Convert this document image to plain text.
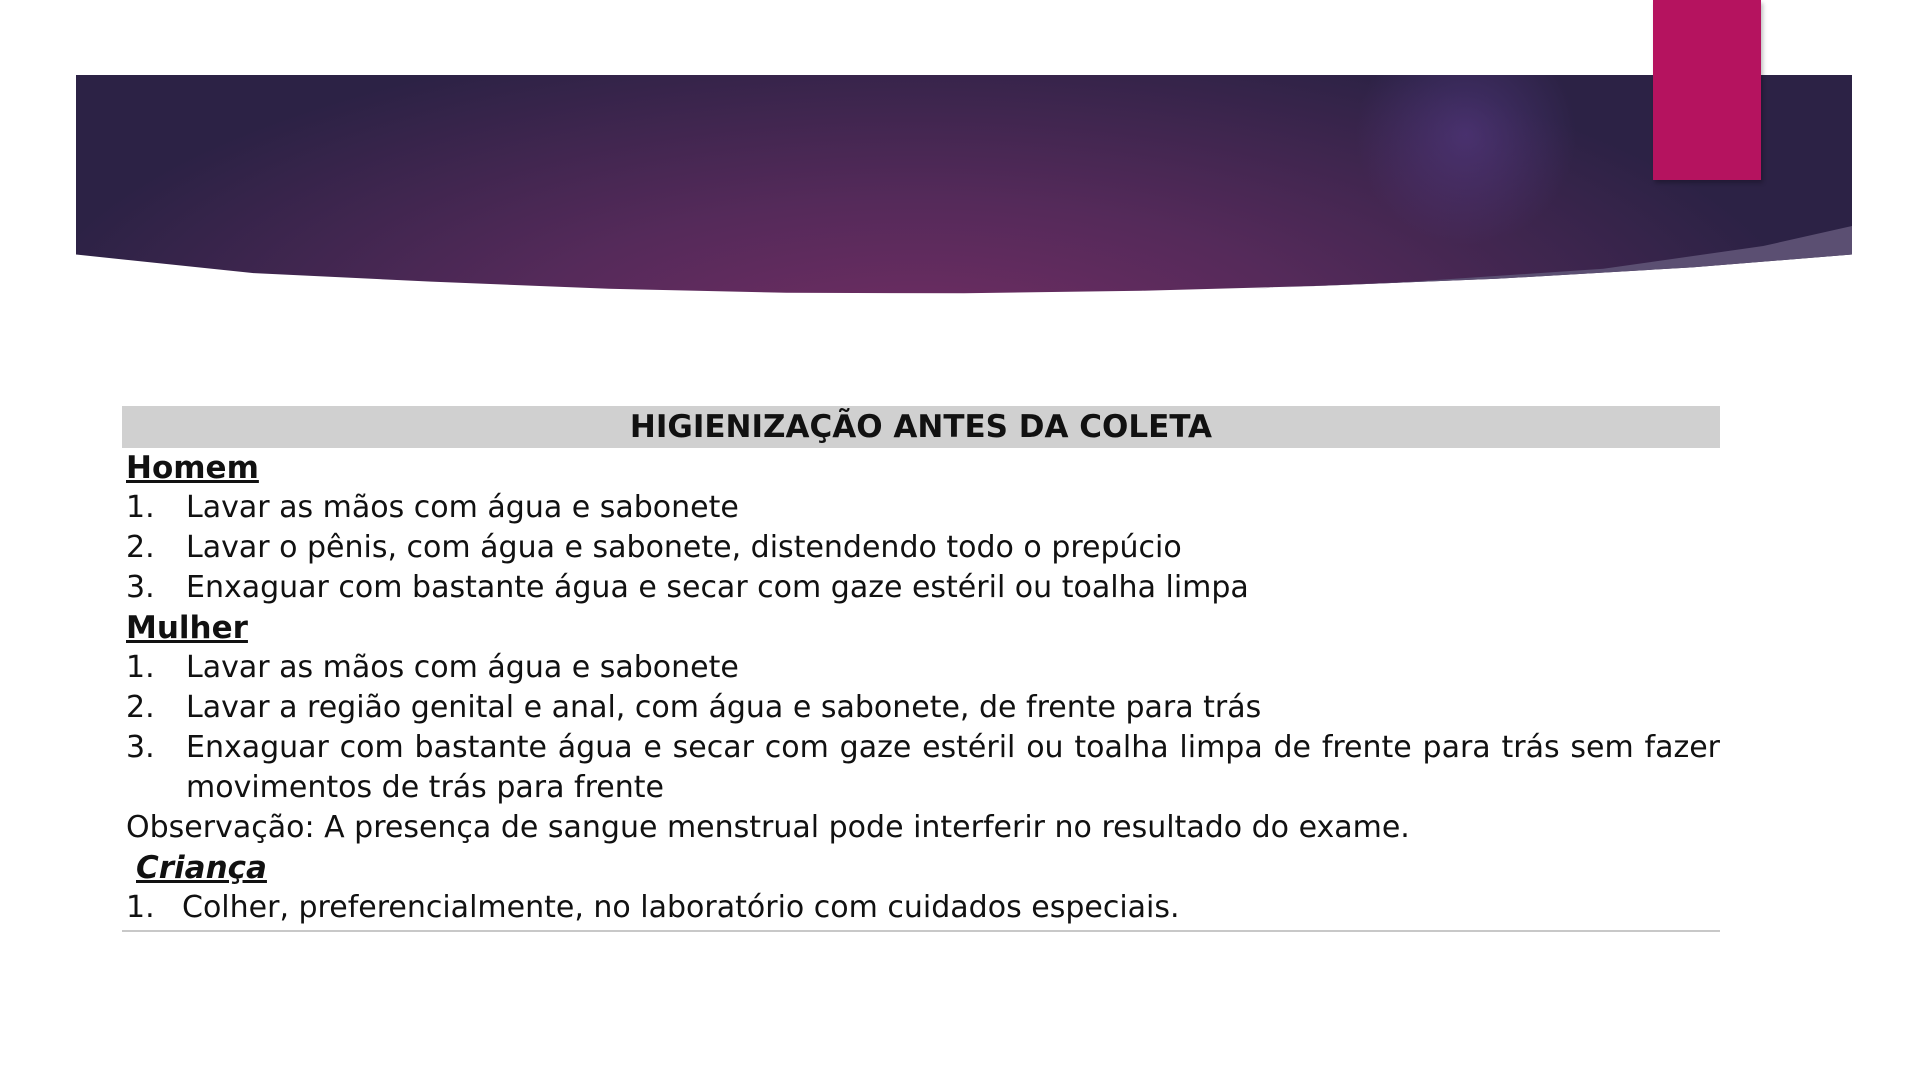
HIGIENIZAÇÃO ANTES DA COLETA
Homem
1.	Lavar as mãos com água e sabonete
2.	Lavar o pênis, com água e sabonete, distendendo todo o prepúcio
3.	Enxaguar com bastante água e secar com gaze estéril ou toalha limpa
Mulher
1.	Lavar as mãos com água e sabonete
2.	Lavar a região genital e anal, com água e sabonete, de frente para trás
3.	Enxaguar com bastante água e secar com gaze estéril ou toalha limpa de frente para trás sem fazer movimentos de trás para frente
Observação: A presença de sangue menstrual pode interferir no resultado do exame.
Criança
1. Colher, preferencialmente, no laboratório com cuidados especiais.
